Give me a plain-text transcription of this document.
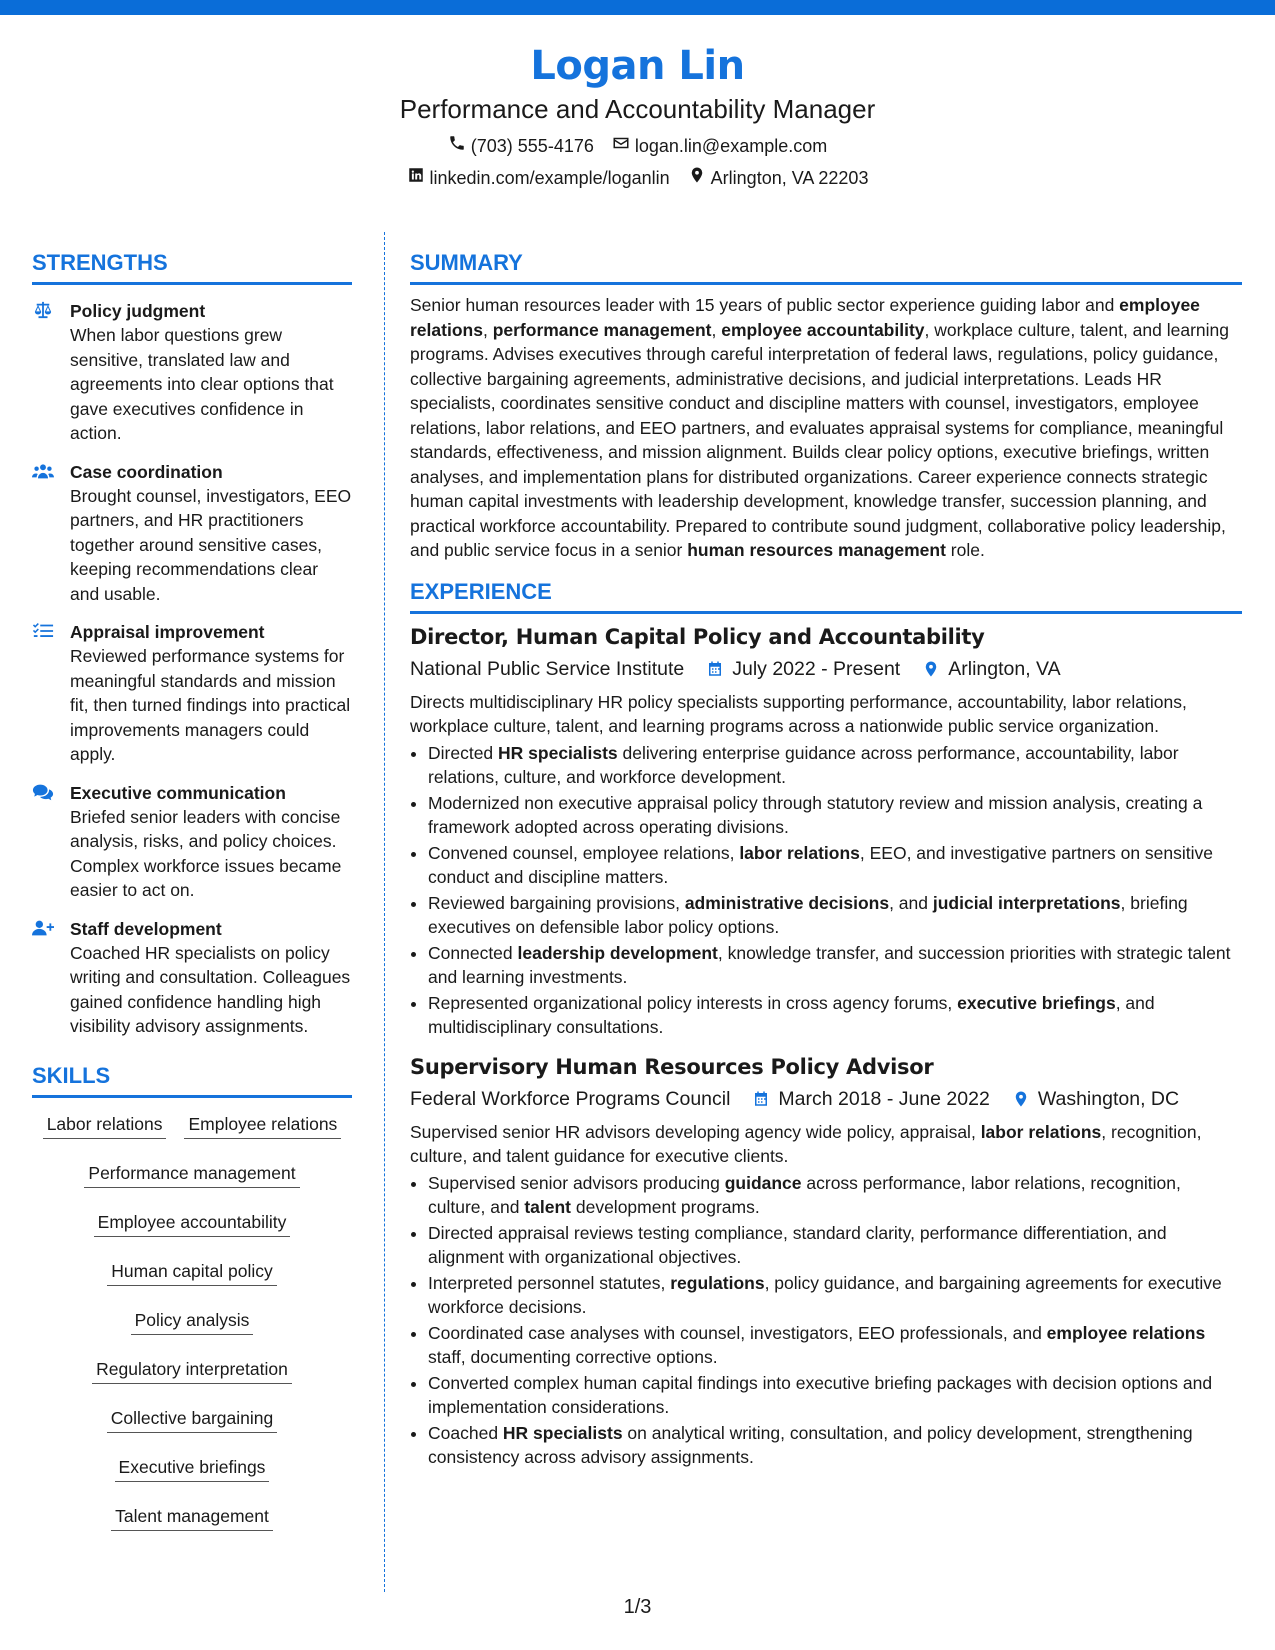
Logan Lin
Performance and Accountability Manager
(703) 555-4176 logan.lin@example.com
linkedin.com/example/loganlin Arlington, VA 22203
STRENGTHS
Policy judgment
When labor questions grew sensitive, translated law and agreements into clear options that gave executives confidence in action.
Case coordination
Brought counsel, investigators, EEO partners, and HR practitioners together around sensitive cases, keeping recommendations clear and usable.
Appraisal improvement
Reviewed performance systems for meaningful standards and mission fit, then turned findings into practical improvements managers could apply.
Executive communication
Briefed senior leaders with concise analysis, risks, and policy choices. Complex workforce issues became easier to act on.
Staff development
Coached HR specialists on policy writing and consultation. Colleagues gained confidence handling high visibility advisory assignments.
SKILLS
Labor relations Employee relations
Performance management
Employee accountability
Human capital policy
Policy analysis
Regulatory interpretation
Collective bargaining
Executive briefings
Talent management
SUMMARY

Senior human resources leader with 15 years of public sector experience guiding labor and employee relations, performance management, employee accountability, workplace culture, talent, and learning programs. Advises executives through careful interpretation of federal laws, regulations, policy guidance, collective bargaining agreements, administrative decisions, and judicial interpretations. Leads HR specialists, coordinates sensitive conduct and discipline matters with counsel, investigators, employee relations, labor relations, and EEO partners, and evaluates appraisal systems for compliance, meaningful standards, effectiveness, and mission alignment. Builds clear policy options, executive briefings, written analyses, and implementation plans for distributed organizations. Career experience connects strategic human capital investments with leadership development, knowledge transfer, succession planning, and practical workforce accountability. Prepared to contribute sound judgment, collaborative policy leadership, and public service focus in a senior human resources management role.

EXPERIENCE
Director, Human Capital Policy and Accountability
National Public Service Institute July 2022 - Present Arlington, VA

Directs multidisciplinary HR policy specialists supporting performance, accountability, labor relations, workplace culture, talent, and learning programs across a nationwide public service organization.

• Directed HR specialists delivering enterprise guidance across performance, accountability, labor relations, culture, and workforce development.
• Modernized non executive appraisal policy through statutory review and mission analysis, creating a framework adopted across operating divisions.
• Convened counsel, employee relations, labor relations, EEO, and investigative partners on sensitive conduct and discipline matters.
• Reviewed bargaining provisions, administrative decisions, and judicial interpretations, briefing executives on defensible labor policy options.
• Connected leadership development, knowledge transfer, and succession priorities with strategic talent and learning investments.
• Represented organizational policy interests in cross agency forums, executive briefings, and multidisciplinary consultations.
Supervisory Human Resources Policy Advisor
Federal Workforce Programs Council March 2018 - June 2022 Washington, DC

Supervised senior HR advisors developing agency wide policy, appraisal, labor relations, recognition, culture, and talent guidance for executive clients.

• Supervised senior advisors producing guidance across performance, labor relations, recognition, culture, and talent development programs.
• Directed appraisal reviews testing compliance, standard clarity, performance differentiation, and alignment with organizational objectives.
• Interpreted personnel statutes, regulations, policy guidance, and bargaining agreements for executive workforce decisions.
• Coordinated case analyses with counsel, investigators, EEO professionals, and employee relations staff, documenting corrective options.
• Converted complex human capital findings into executive briefing packages with decision options and implementation considerations.
• Coached HR specialists on analytical writing, consultation, and policy development, strengthening consistency across advisory assignments.
1/3
